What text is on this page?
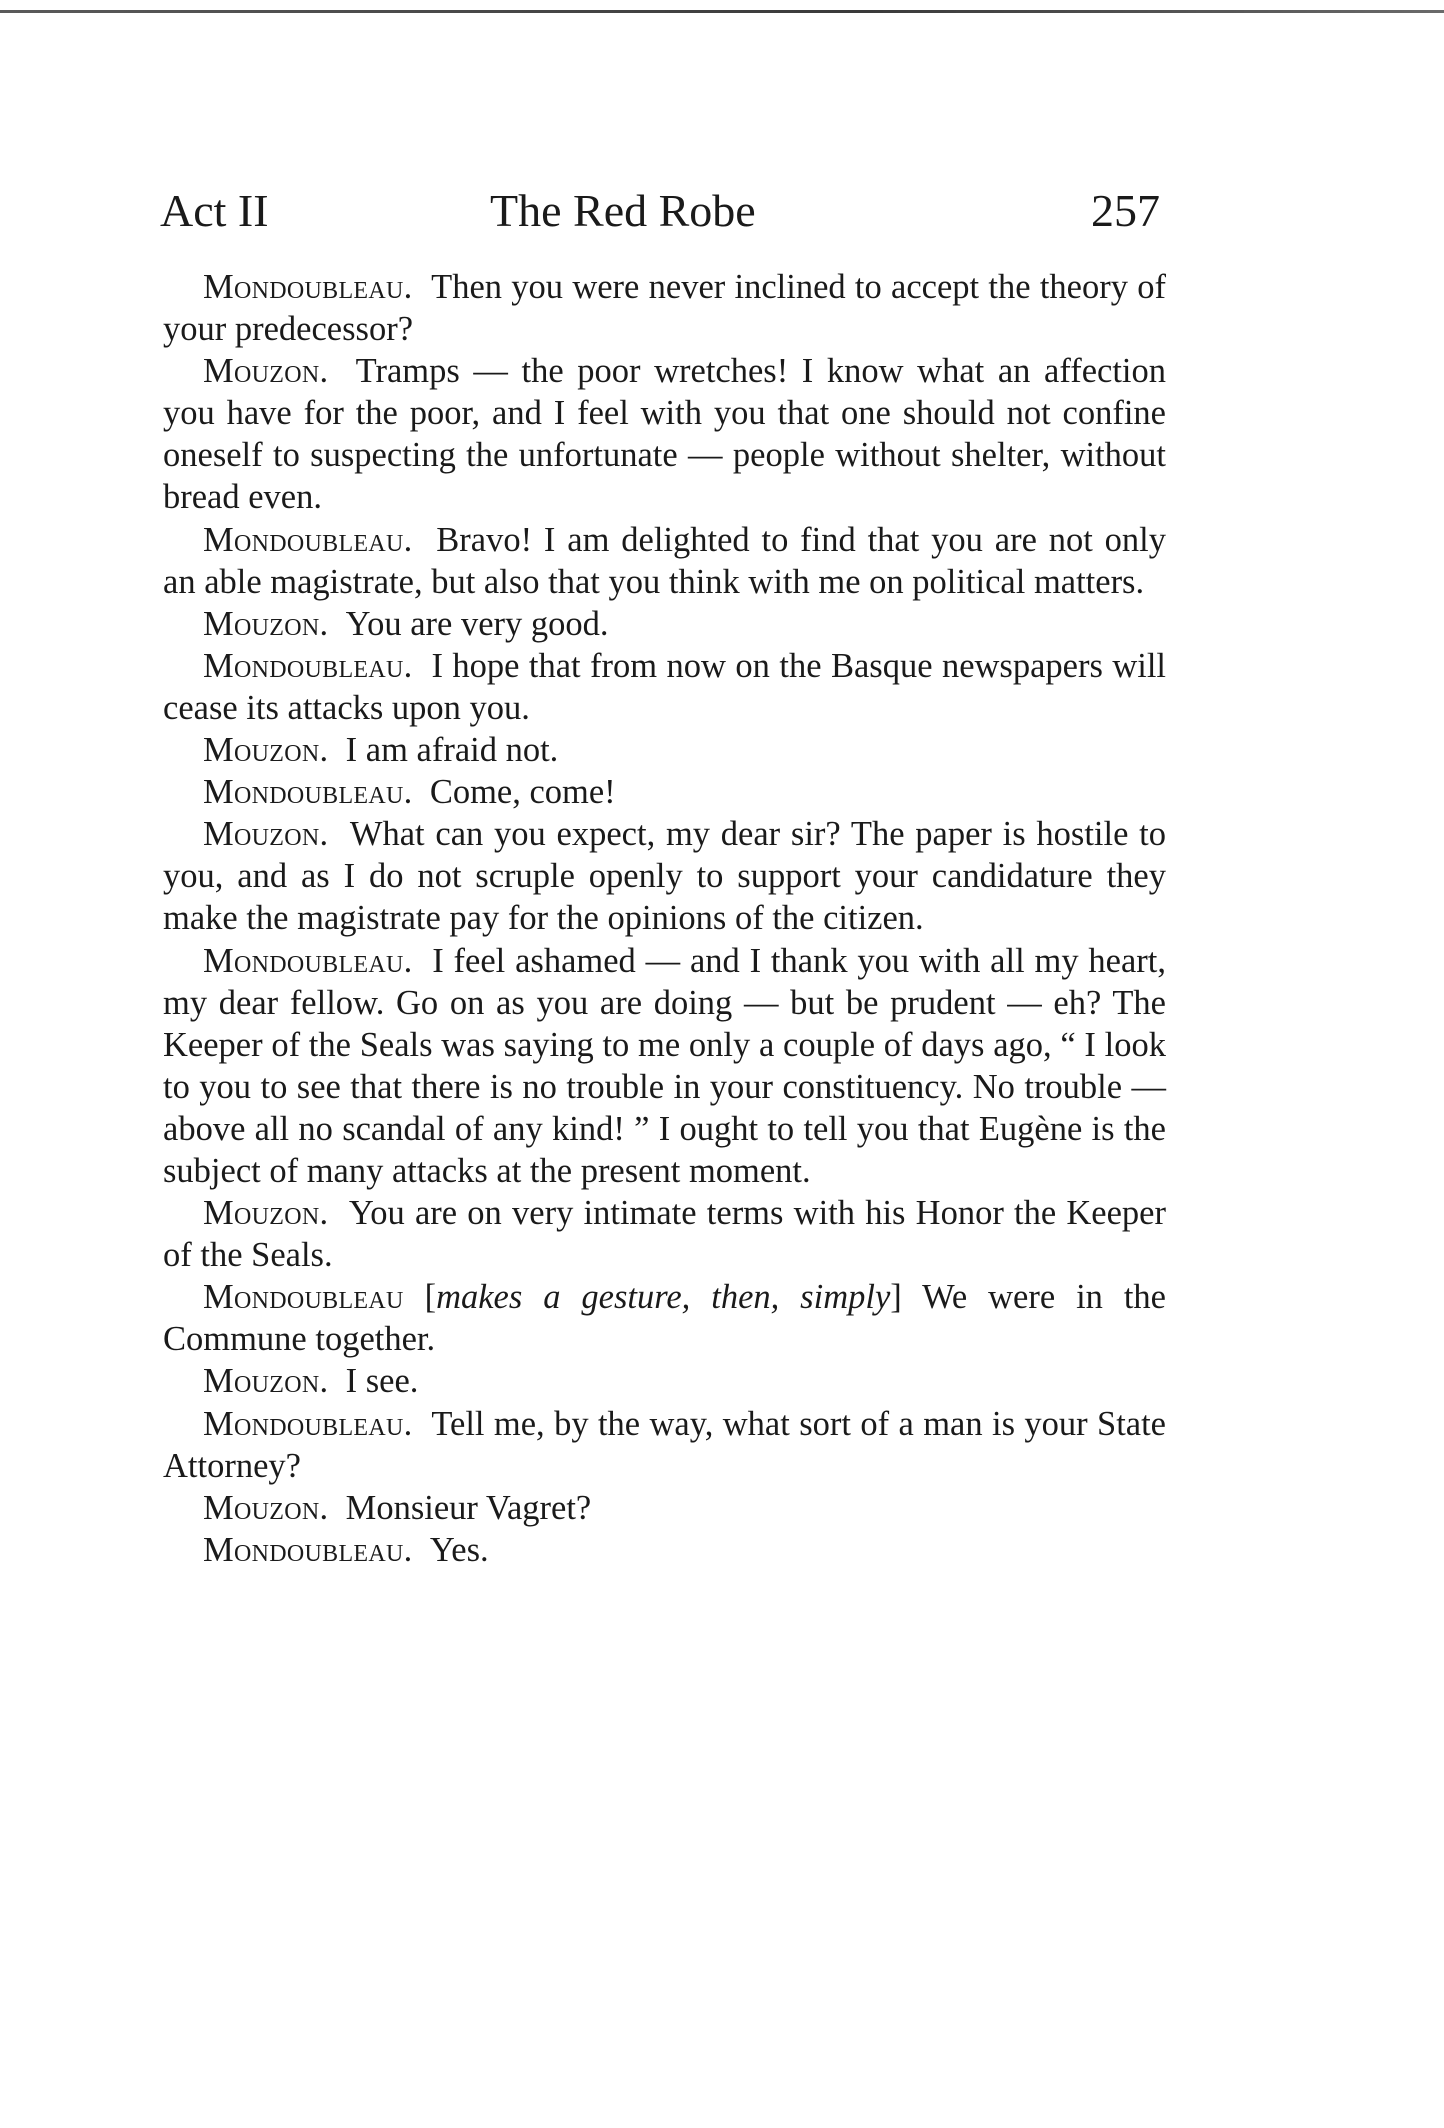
Act II	The Red Robe	257

Mondoubleau. Then you were never inclined to accept the theory of your predecessor?

Mouzon. Tramps — the poor wretches! I know what an affection you have for the poor, and I feel with you that one should not confine oneself to suspecting the unfortunate — people without shelter, without bread even.

Mondoubleau. Bravo! I am delighted to find that you are not only an able magistrate, but also that you think with me on political matters.

Mouzon. You are very good.

Mondoubleau. I hope that from now on the Basque newspapers will cease its attacks upon you.

Mouzon. I am afraid not.

Mondoubleau. Come, come!

Mouzon. What can you expect, my dear sir? The paper is hostile to you, and as I do not scruple openly to support your candidature they make the magistrate pay for the opinions of the citizen.

Mondoubleau. I feel ashamed — and I thank you with all my heart, my dear fellow. Go on as you are doing — but be prudent — eh? The Keeper of the Seals was saying to me only a couple of days ago, “ I look to you to see that there is no trouble in your constituency. No trouble — above all no scandal of any kind! ” I ought to tell you that Eugène is the subject of many attacks at the present moment.

Mouzon. You are on very intimate terms with his Honor the Keeper of the Seals.

Mondoubleau [makes a gesture, then, simply] We were in the Commune together.

Mouzon. I see.

Mondoubleau. Tell me, by the way, what sort of a man is your State Attorney?

Mouzon. Monsieur Vagret?

Mondoubleau. Yes.
